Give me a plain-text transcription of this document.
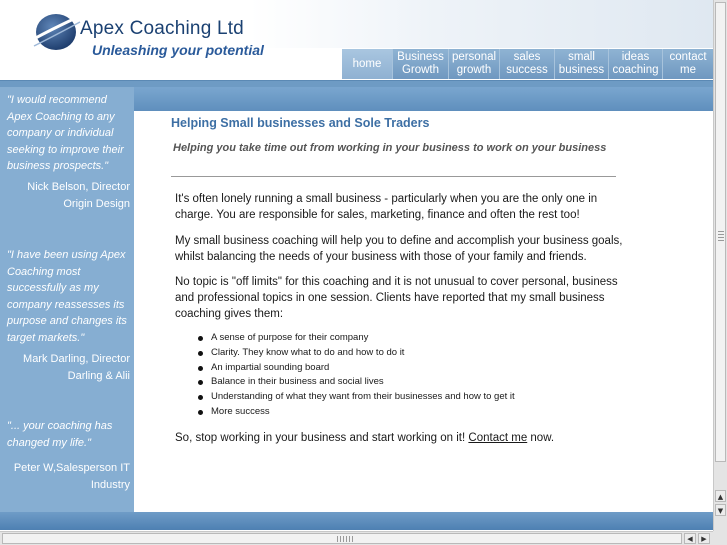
Apex Coaching Ltd
Unleashing your potential
home
Business
Growth
personal
growth
sales
success
small
business
ideas
coaching
contact
me
"I would recommend Apex Coaching to any company or individual seeking to improve their business prospects."
Nick Belson, Director Origin Design
"I have been using Apex Coaching most successfully as my company reassesses its purpose and changes its target markets."
Mark Darling, Director Darling & Alii
"... your coaching has changed my life."
Peter W,Salesperson IT Industry
Helping Small businesses and Sole Traders
Helping you take time out from working in your business to work on your business

It's often lonely running a small business - particularly when you are the only one in charge. You are responsible for sales, marketing, finance and often the rest too!

My small business coaching will help you to define and accomplish your business goals, whilst balancing the needs of your business with those of your family and friends.

No topic is "off limits" for this coaching and it is not unusual to cover personal, business and professional topics in one session. Clients have reported that my small business coaching gives them:

A sense of purpose for their company
Clarity. They know what to do and how to do it
An impartial sounding board
Balance in their business and social lives
Understanding of what they want from their businesses and how to get it
More success

So, stop working in your business and start working on it! Contact me now.

▲
▼
◀	▶
